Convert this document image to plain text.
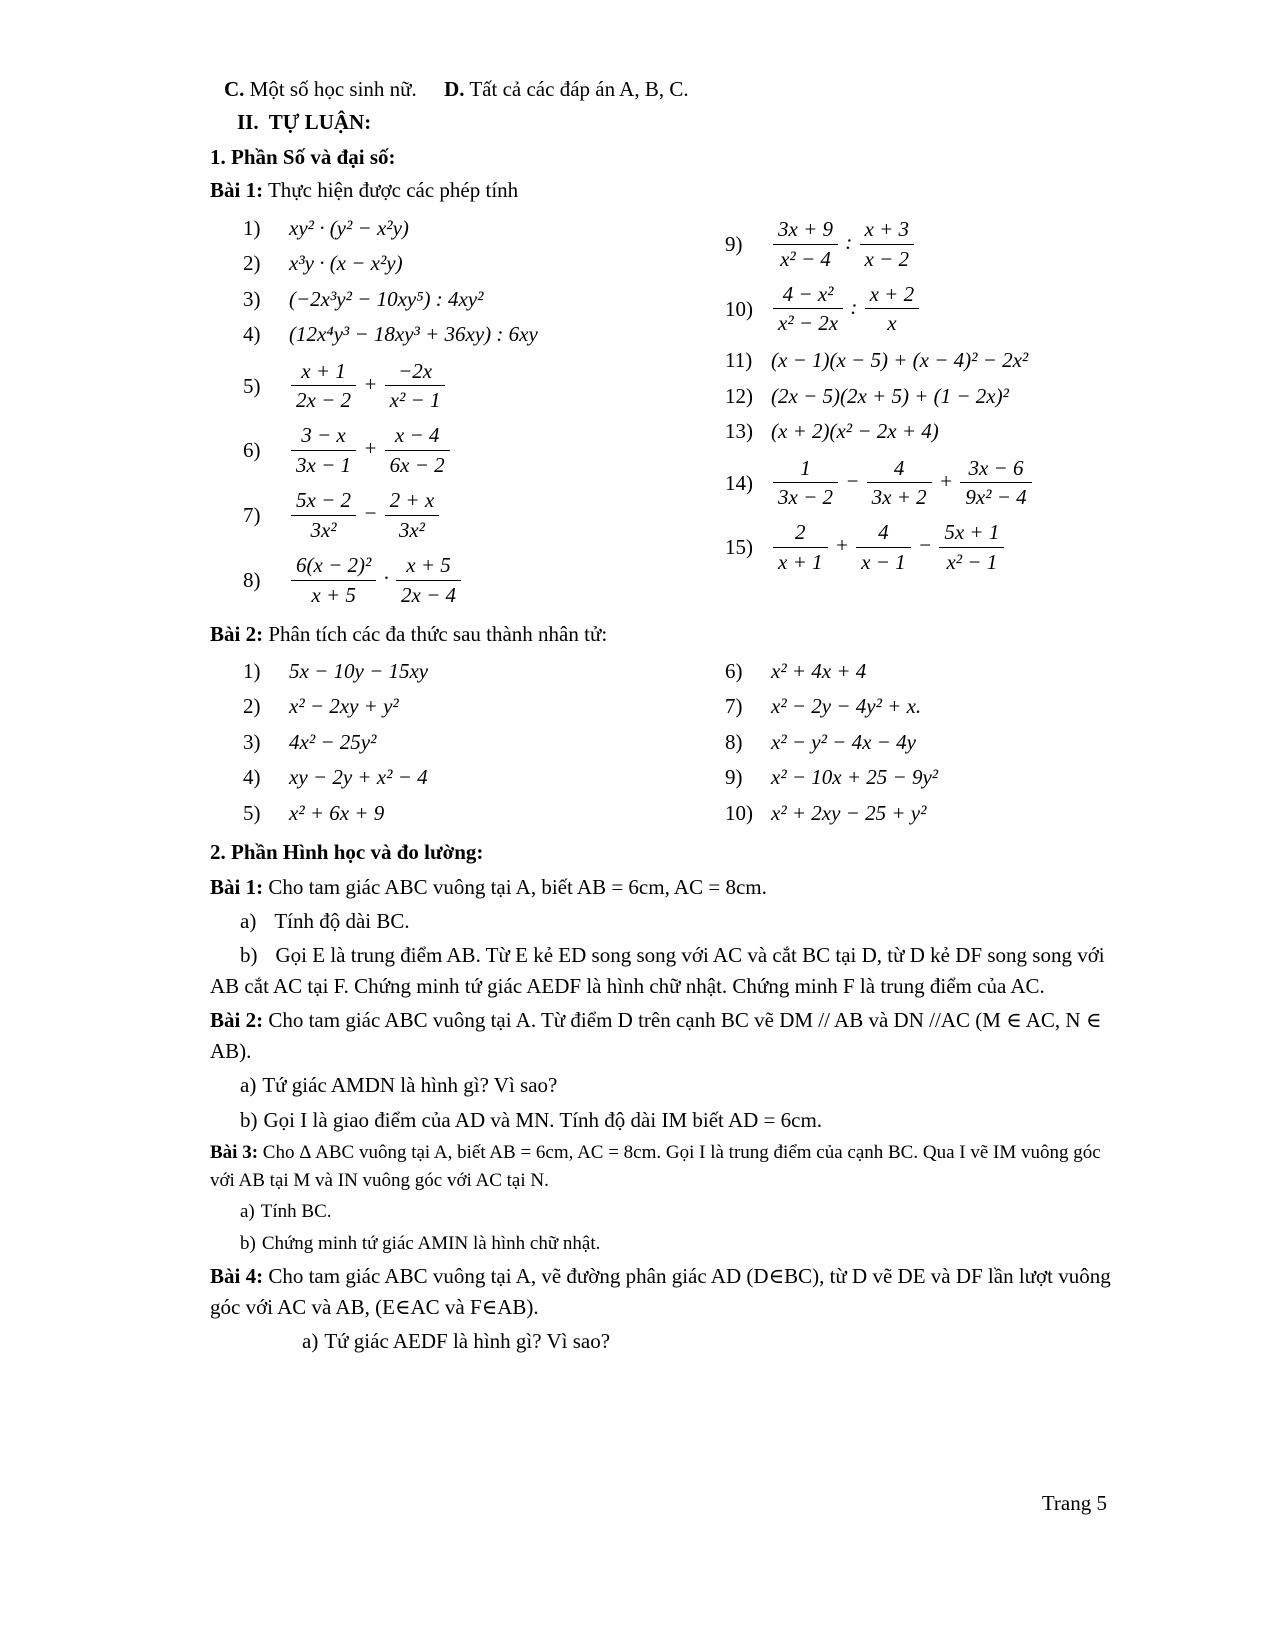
C. Một số học sinh nữ. D. Tất cả các đáp án A, B, C.

II.  TỰ LUẬN:

1. Phần Số và đại số:

Bài 1: Thực hiện được các phép tính

1)	xy² · (y² − x²y)
2)	x³y · (x − x²y)
3)	(−2x³y² − 10xy⁵) : 4xy²
4)	(12x⁴y³ − 18xy³ + 36xy) : 6xy
5)	$\frac{x + 1}{2x - 2} + \frac{-2x}{\text{x² − 1}}$
6)	$\frac{3 - x}{3x - 1} + \frac{x - 4}{6x - 2}$
7)	$\frac{5x - 2}{\text{3x²}} - \frac{2 + x}{\text{3x²}}$
8)	$\frac{\text{6(x − 2)²}}{x + 5} \cdot \frac{x + 5}{2x - 4}$
9)	$\frac{3x + 9}{\text{x² − 4}}$ : $\frac{x + 3}{x - 2}$
$10) \frac{\text{4 − x²}}{\text{x² − 2x}}$ : $\frac{x + 2}{x}$
11) (x − 1)(x − 5) + (x − 4)² − 2x²
12) (2x − 5)(2x + 5) + (1 − 2x)²
13) (x + 2)(x² − 2x + 4)
$14) \frac{1}{3x - 2} - \frac{4}{3x + 2} + \frac{3x - 6}{\text{9x² − 4}}$
$15) \frac{2}{x + 1} + \frac{4}{x - 1} - \frac{5x + 1}{\text{x² − 1}}$

Bài 2: Phân tích các đa thức sau thành nhân tử:

1)	5x − 10y − 15xy
2)	x² − 2xy + y²
3)	4x² − 25y²
4)	xy − 2y + x² − 4
5)	x² + 6x + 9
6)	x² + 4x + 4
7)	x² − 2y − 4y² + x.
8)	x² − y² − 4x − 4y
9)	x² − 10x + 25 − 9y²
10) x² + 2xy − 25 + y²

2. Phần Hình học và đo lường:

Bài 1: Cho tam giác ABC vuông tại A, biết AB = 6cm, AC = 8cm.

a) Tính độ dài BC.

b) Gọi E là trung điểm AB. Từ E kẻ ED song song với AC và cắt BC tại D, từ D kẻ DF song song với AB cắt AC tại F. Chứng minh tứ giác AEDF là hình chữ nhật. Chứng minh F là trung điểm của AC.

Bài 2: Cho tam giác ABC vuông tại A. Từ điểm D trên cạnh BC vẽ DM // AB và DN //AC (M ∈ AC, N ∈ AB).

a) Tứ giác AMDN là hình gì? Vì sao?

b) Gọi I là giao điểm của AD và MN. Tính độ dài IM biết AD = 6cm.

Bài 3: Cho Δ ABC vuông tại A, biết AB = 6cm, AC = 8cm. Gọi I là trung điểm của cạnh BC. Qua I vẽ IM vuông góc với AB tại M và IN vuông góc với AC tại N.

a) Tính BC.

b) Chứng minh tứ giác AMIN là hình chữ nhật.

Bài 4: Cho tam giác ABC vuông tại A, vẽ đường phân giác AD (D∈BC), từ D vẽ DE và DF lần lượt vuông góc với AC và AB, (E∈AC và F∈AB).

a) Tứ giác AEDF là hình gì? Vì sao?

Trang 5
